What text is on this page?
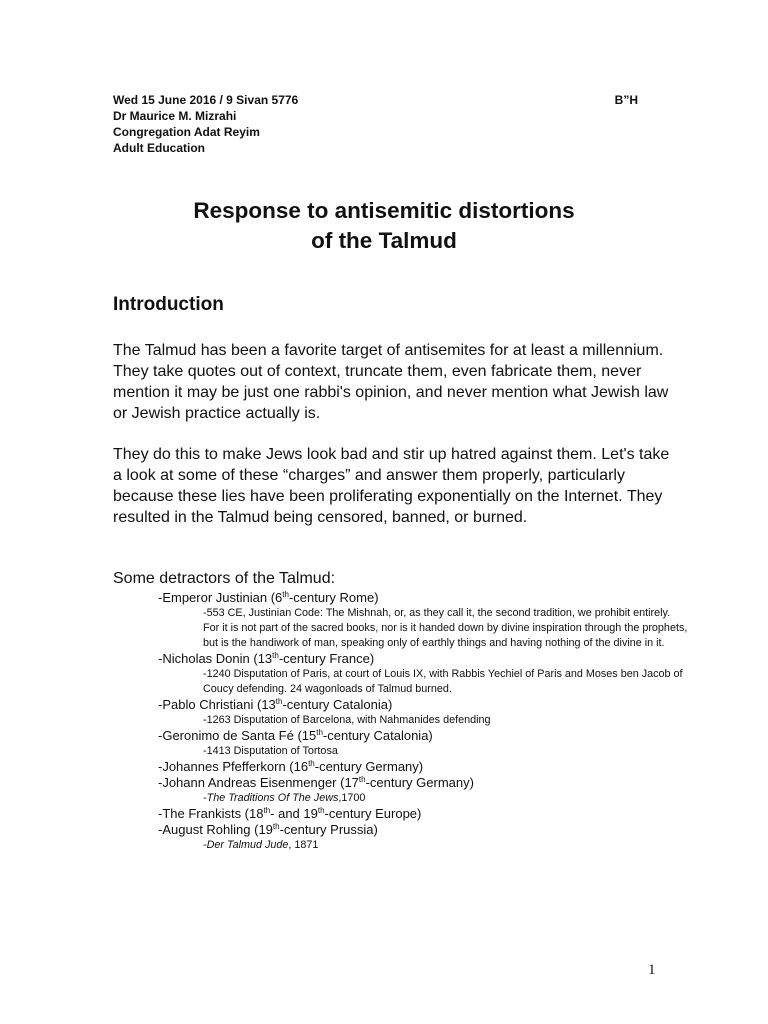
Wed 15 June 2016 / 9 Sivan 5776	B”H
Dr Maurice M. Mizrahi
Congregation Adat Reyim
Adult Education
Response to antisemitic distortions
of the Talmud
Introduction
The Talmud has been a favorite target of antisemites for at least a millennium. They take quotes out of context, truncate them, even fabricate them, never mention it may be just one rabbi's opinion, and never mention what Jewish law or Jewish practice actually is.
They do this to make Jews look bad and stir up hatred against them. Let's take a look at some of these “charges” and answer them properly, particularly because these lies have been proliferating exponentially on the Internet. They resulted in the Talmud being censored, banned, or burned.
Some detractors of the Talmud:
-Emperor Justinian (6th-century Rome)
-553 CE, Justinian Code: The Mishnah, or, as they call it, the second tradition, we prohibit entirely. For it is not part of the sacred books, nor is it handed down by divine inspiration through the prophets, but is the handiwork of man, speaking only of earthly things and having nothing of the divine in it.
-Nicholas Donin (13th-century France)
-1240 Disputation of Paris, at court of Louis IX, with Rabbis Yechiel of Paris and Moses ben Jacob of Coucy defending. 24 wagonloads of Talmud burned.
-Pablo Christiani (13th-century Catalonia)
-1263 Disputation of Barcelona, with Nahmanides defending
-Geronimo de Santa Fé (15th-century Catalonia)
-1413 Disputation of Tortosa
-Johannes Pfefferkorn (16th-century Germany)
-Johann Andreas Eisenmenger (17th-century Germany)
-The Traditions Of The Jews,1700
-The Frankists (18th- and 19th-century Europe)
-August Rohling (19th-century Prussia)
-Der Talmud Jude, 1871
1
